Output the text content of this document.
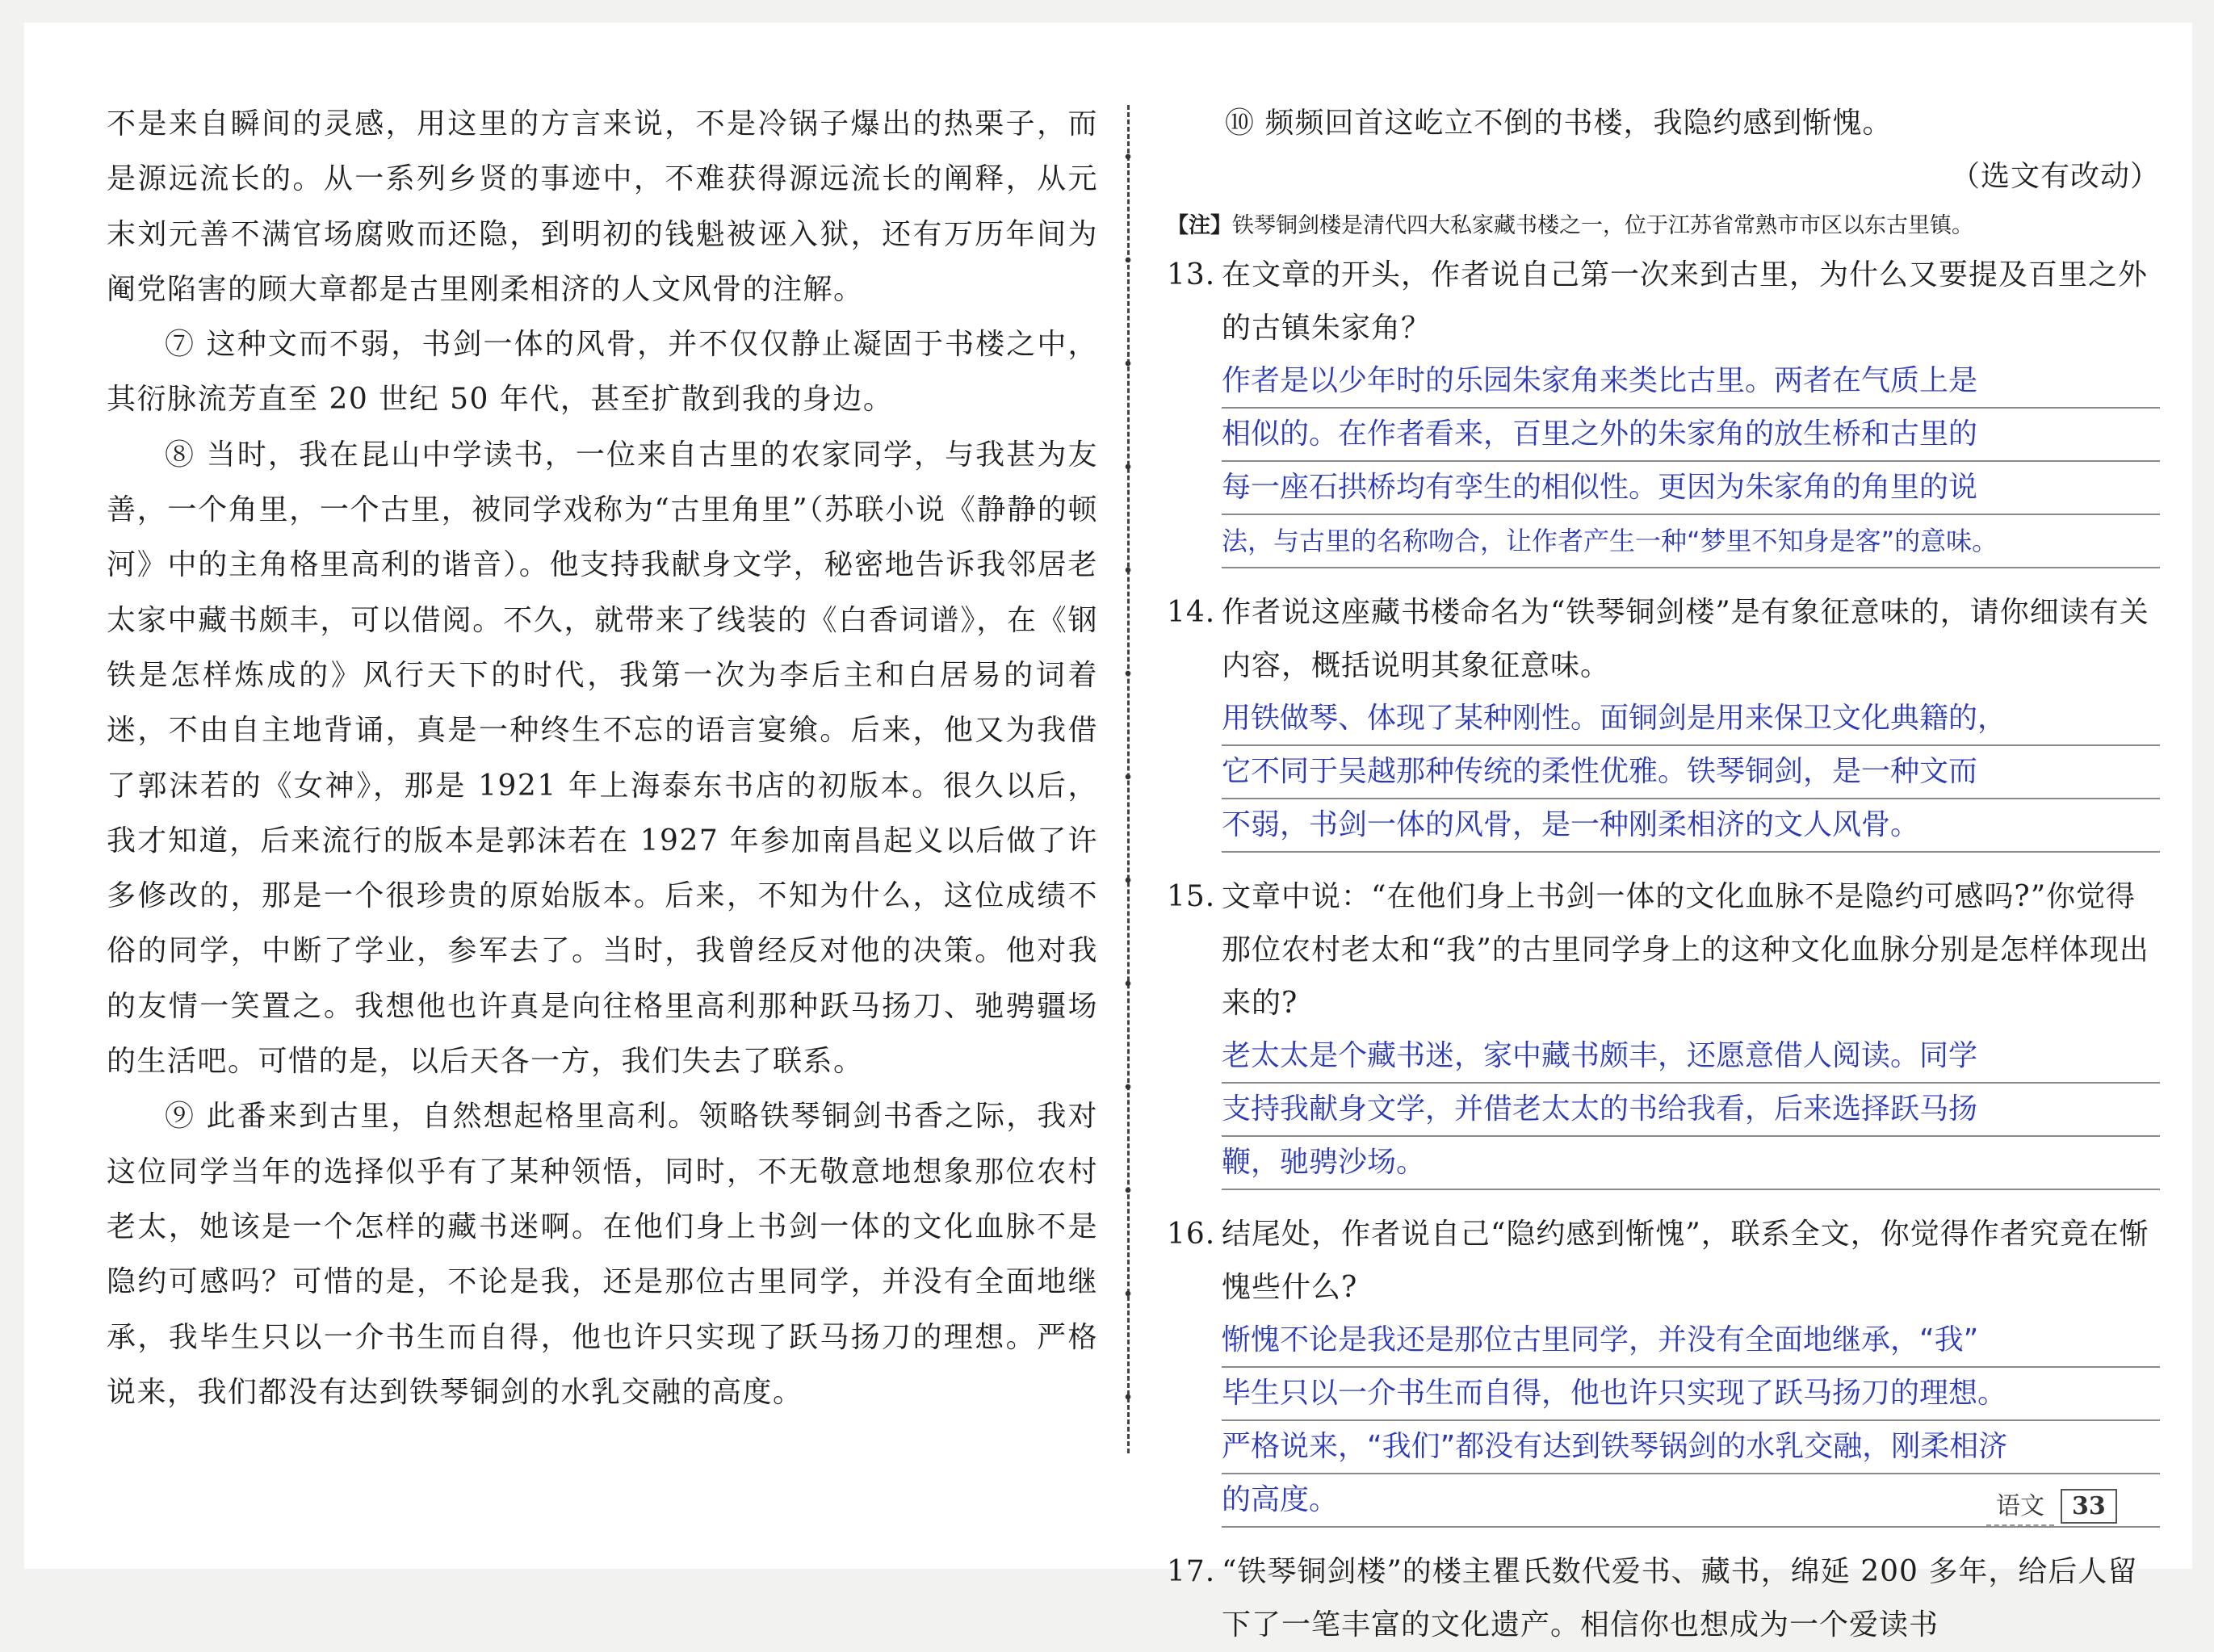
不是来自瞬间的灵感，用这里的方言来说，不是冷锅子爆出的热栗子，而是源远流长的。从一系列乡贤的事迹中，不难获得源远流长的阐释，从元末刘元善不满官场腐败而还隐，到明初的钱魁被诬入狱，还有万历年间为阉党陷害的顾大章都是古里刚柔相济的人文风骨的注解。

⑦ 这种文而不弱，书剑一体的风骨，并不仅仅静止凝固于书楼之中，其衍脉流芳直至 20 世纪 50 年代，甚至扩散到我的身边。

⑧ 当时，我在昆山中学读书，一位来自古里的农家同学，与我甚为友善，一个角里，一个古里，被同学戏称为“古里角里”（苏联小说《静静的顿河》中的主角格里高利的谐音）。他支持我献身文学，秘密地告诉我邻居老太家中藏书颇丰，可以借阅。不久，就带来了线装的《白香词谱》，在《钢铁是怎样炼成的》风行天下的时代，我第一次为李后主和白居易的词着迷，不由自主地背诵，真是一种终生不忘的语言宴飨。后来，他又为我借了郭沫若的《女神》，那是 1921 年上海泰东书店的初版本。很久以后，我才知道，后来流行的版本是郭沫若在 1927 年参加南昌起义以后做了许多修改的，那是一个很珍贵的原始版本。后来，不知为什么，这位成绩不俗的同学，中断了学业，参军去了。当时，我曾经反对他的决策。他对我的友情一笑置之。我想他也许真是向往格里高利那种跃马扬刀、驰骋疆场的生活吧。可惜的是，以后天各一方，我们失去了联系。

⑨ 此番来到古里，自然想起格里高利。领略铁琴铜剑书香之际，我对这位同学当年的选择似乎有了某种领悟，同时，不无敬意地想象那位农村老太，她该是一个怎样的藏书迷啊。在他们身上书剑一体的文化血脉不是隐约可感吗？可惜的是，不论是我，还是那位古里同学，并没有全面地继承，我毕生只以一介书生而自得，他也许只实现了跃马扬刀的理想。严格说来，我们都没有达到铁琴铜剑的水乳交融的高度。

⑩ 频频回首这屹立不倒的书楼，我隐约感到惭愧。

（选文有改动）

【注】铁琴铜剑楼是清代四大私家藏书楼之一，位于江苏省常熟市市区以东古里镇。

13. 在文章的开头，作者说自己第一次来到古里，为什么又要提及百里之外的古镇朱家角？

作者是以少年时的乐园朱家角来类比古里。两者在气质上是
相似的。在作者看来，百里之外的朱家角的放生桥和古里的
每一座石拱桥均有孪生的相似性。更因为朱家角的角里的说
法，与古里的名称吻合，让作者产生一种“梦里不知身是客”的意味。
14. 作者说这座藏书楼命名为“铁琴铜剑楼”是有象征意味的，请你细读有关内容，概括说明其象征意味。

用铁做琴、体现了某种刚性。面铜剑是用来保卫文化典籍的，
它不同于吴越那种传统的柔性优雅。铁琴铜剑，是一种文而
不弱，书剑一体的风骨，是一种刚柔相济的文人风骨。
15. 文章中说：“在他们身上书剑一体的文化血脉不是隐约可感吗?”你觉得那位农村老太和“我”的古里同学身上的这种文化血脉分别是怎样体现出来的?

老太太是个藏书迷，家中藏书颇丰，还愿意借人阅读。同学
支持我献身文学，并借老太太的书给我看，后来选择跃马扬
鞭，驰骋沙场。
16. 结尾处，作者说自己“隐约感到惭愧”，联系全文，你觉得作者究竟在惭愧些什么?

惭愧不论是我还是那位古里同学，并没有全面地继承，“我”
毕生只以一介书生而自得，他也许只实现了跃马扬刀的理想。
严格说来，“我们”都没有达到铁琴锅剑的水乳交融，刚柔相济
的高度。
17. “铁琴铜剑楼”的楼主瞿氏数代爱书、藏书，绵延 200 多年，给后人留下了一笔丰富的文化遗产。相信你也想成为一个爱读书

语文 33
